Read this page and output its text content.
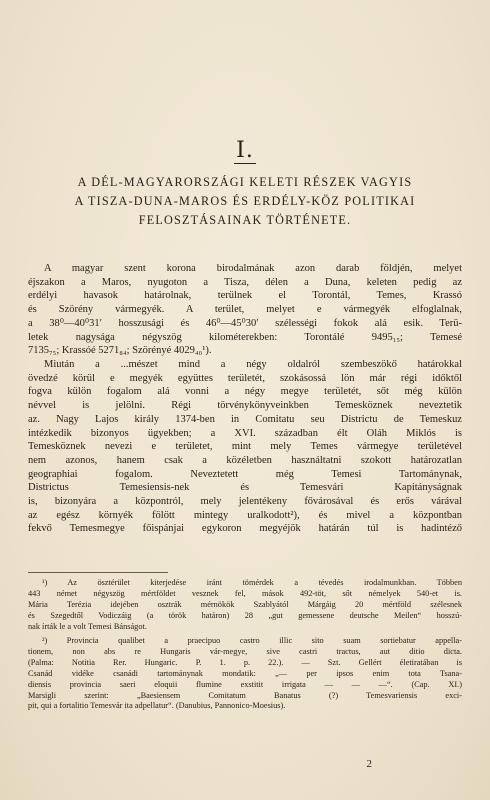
I.
A DÉL-MAGYARORSZÁGI KELETI RÉSZEK VAGYIS
A TISZA-DUNA-MAROS ÉS ERDÉLY-KÖZ POLITIKAI
FELOSZTÁSAINAK TÖRTÉNETE.
A magyar szent korona birodalmának azon darab földjén, melyet
éjszakon a Maros, nyugoton a Tisza, délen a Duna, keleten pedig az
erdélyi havasok határolnak, terülnek el Torontál, Temes, Krassó
és Szörény vármegyék. A terület, melyet e vármegyék elfoglalnak,
a 38⁰—40⁰31′ hosszusági és 46⁰—45⁰30′ szélességi fokok alá esik. Terü-
letek nagysága négyszög kilométerekben: Torontálé 9495₁₅; Temesé
7135₇₅; Krassóé 5271₈₄; Szörényé 4029₄₀¹).
Miután a ...mészet mind a négy oldalról szembeszökő határokkal
övedzé körül e megyék együttes területét, szokásossá lön már régi időktől
fogva külön fogalom alá vonni a négy megye területét, sőt még külön
névvel is jelölni. Régi törvénykönyveinkben Temesköznek neveztetik
az. Nagy Lajos király 1374-ben in Comitatu seu Districtu de Temeskuz
intézkedik bizonyos ügyekben; a XVI. században élt Oláh Miklós is
Temesköznek nevezi e területet, mint mely Temes vármegye területével
nem azonos, hanem csak a közéletben használtatni szokott határozatlan
geographiai fogalom. Neveztetett még Temesi Tartománynak,
Districtus Temesiensis-nek és Temesvári Kapitányságnak
is, bizonyára a központról, mely jelentékeny fővárosával és erős várával
az egész környék fölött mintegy uralkodott²), és mivel a központban
fekvő Temesmegye főispánjai egykoron megyéjök határán túl is hadintéző
¹) Az ösztérület kiterjedése iránt tömérdek a tévedés irodalmunkban. Többen
443 német négyszög mértföldet vesznek fel, mások 492-töt, sőt némelyek 540-et is.
Mária Terézia idejében osztrák mérnökök Szablyától Márgáig 20 mértföld szélesnek
és Szegedtől Vodiczáig (a török határon) 28 „gut gemessene deutsche Meilen“ hosszú-
nak írták le a volt Temesi Bánságot.
²) Provincia qualibet a praecipuo castro illic sito suam sortiebatur appella-
tionem, non abs re Hungaris vár-megye, sive castri tractus, aut ditio dicta.
(Palma: Notitia Rer. Hungaric. P. 1. p. 22.). — Szt. Gellért életiratában is
Csanád vidéke csanádi tartománynak mondatik: „— per ipsos enim tota Tsana-
diensis provincia saeri eloquii flumine exstitit irrigata — — —“. (Cap. XI.)
Marsigli szerint: „Baesiensem Comitatum Banatus (?) Temesvariensis exci-
pit, qui a fortalitio Temesvár ita adpellatur“. (Danubius, Pannonico-Moesius).
2
